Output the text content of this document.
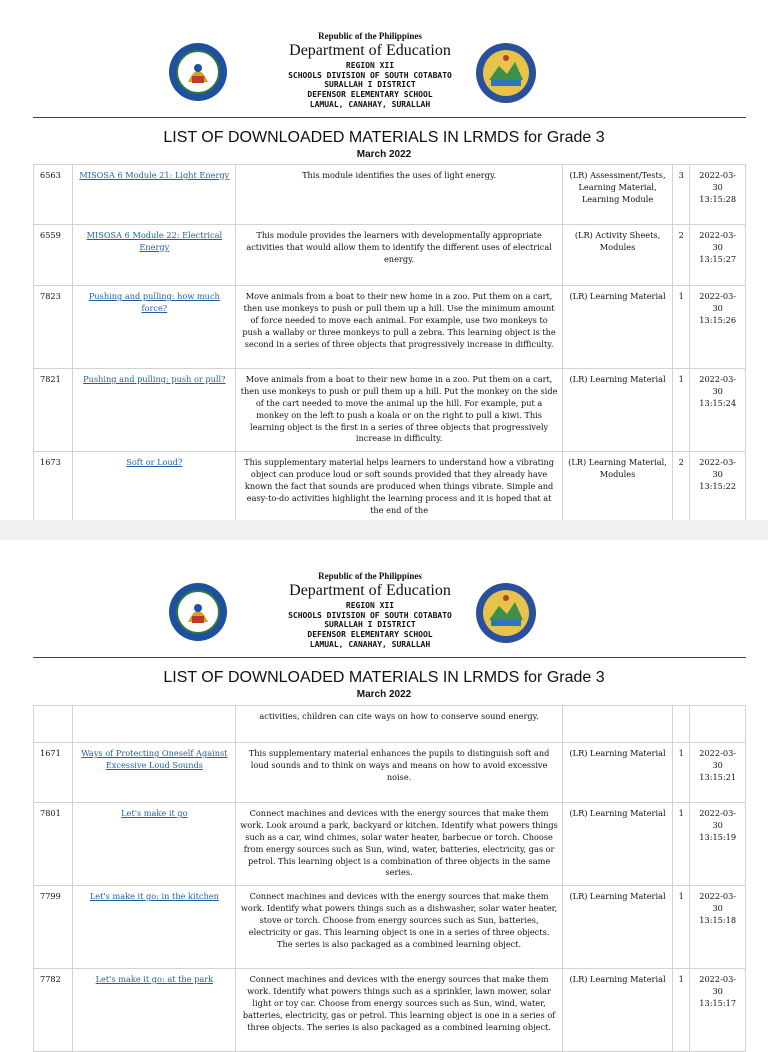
Republic of the Philippines
Department of Education
REGION XII
SCHOOLS DIVISION OF SOUTH COTABATO
SURALLAH I DISTRICT
DEFENSOR ELEMENTARY SCHOOL
LAMUAL, CANAHAY, SURALLAH
LIST OF DOWNLOADED MATERIALS IN LRMDS for Grade 3
March 2022
6563	MISOSA 6 Module 21: Light Energy	This module identifies the uses of light energy.	(LR) Assessment/Tests, Learning Material, Learning Module	3	2022-03-30 13:15:28
6559	MISOSA 6 Module 22: Electrical Energy	This module provides the learners with developmentally appropriate activities that would allow them to identify the different uses of electrical energy.	(LR) Activity Sheets, Modules	2	2022-03-30 13:15:27
7823	Pushing and pulling: how much force?	Move animals from a boat to their new home in a zoo. Put them on a cart, then use monkeys to push or pull them up a hill. Use the minimum amount of force needed to move each animal. For example, use two monkeys to push a wallaby or three monkeys to pull a zebra. This learning object is the second in a series of three objects that progressively increase in difficulty.	(LR) Learning Material	1	2022-03-30 13:15:26
7821	Pushing and pulling: push or pull?	Move animals from a boat to their new home in a zoo. Put them on a cart, then use monkeys to push or pull them up a hill. Put the monkey on the side of the cart needed to move the animal up the hill. For example, put a monkey on the left to push a koala or on the right to pull a kiwi. This learning object is the first in a series of three objects that progressively increase in difficulty.	(LR) Learning Material	1	2022-03-30 13:15:24
1673	Soft or Loud?	This supplementary material helps learners to understand how a vibrating object can produce loud or soft sounds provided that they already have known the fact that sounds are produced when things vibrate. Simple and easy-to-do activities highlight the learning process and it is hoped that at the end of the	(LR) Learning Material, Modules	2	2022-03-30 13:15:22
Republic of the Philippines
Department of Education
REGION XII
SCHOOLS DIVISION OF SOUTH COTABATO
SURALLAH I DISTRICT
DEFENSOR ELEMENTARY SCHOOL
LAMUAL, CANAHAY, SURALLAH
LIST OF DOWNLOADED MATERIALS IN LRMDS for Grade 3
March 2022
		activities, children can cite ways on how to conserve sound energy.			
1671	Ways of Protecting Oneself Against Excessive Loud Sounds	This supplementary material enhances the pupils to distinguish soft and loud sounds and to think on ways and means on how to avoid excessive noise.	(LR) Learning Material	1	2022-03-30 13:15:21
7801	Let's make it go	Connect machines and devices with the energy sources that make them work. Look around a park, backyard or kitchen. Identify what powers things such as a car, wind chimes, solar water heater, barbecue or torch. Choose from energy sources such as Sun, wind, water, batteries, electricity, gas or petrol. This learning object is a combination of three objects in the same series.	(LR) Learning Material	1	2022-03-30 13:15:19
7799	Let's make it go: in the kitchen	Connect machines and devices with the energy sources that make them work. Identify what powers things such as a dishwasher, solar water heater, stove or torch. Choose from energy sources such as Sun, batteries, electricity or gas. This learning object is one in a series of three objects. The series is also packaged as a combined learning object.	(LR) Learning Material	1	2022-03-30 13:15:18
7782	Let's make it go: at the park	Connect machines and devices with the energy sources that make them work. Identify what powers things such as a sprinkler, lawn mower, solar light or toy car. Choose from energy sources such as Sun, wind, water, batteries, electricity, gas or petrol. This learning object is one in a series of three objects. The series is also packaged as a combined learning object.	(LR) Learning Material	1	2022-03-30 13:15:17
